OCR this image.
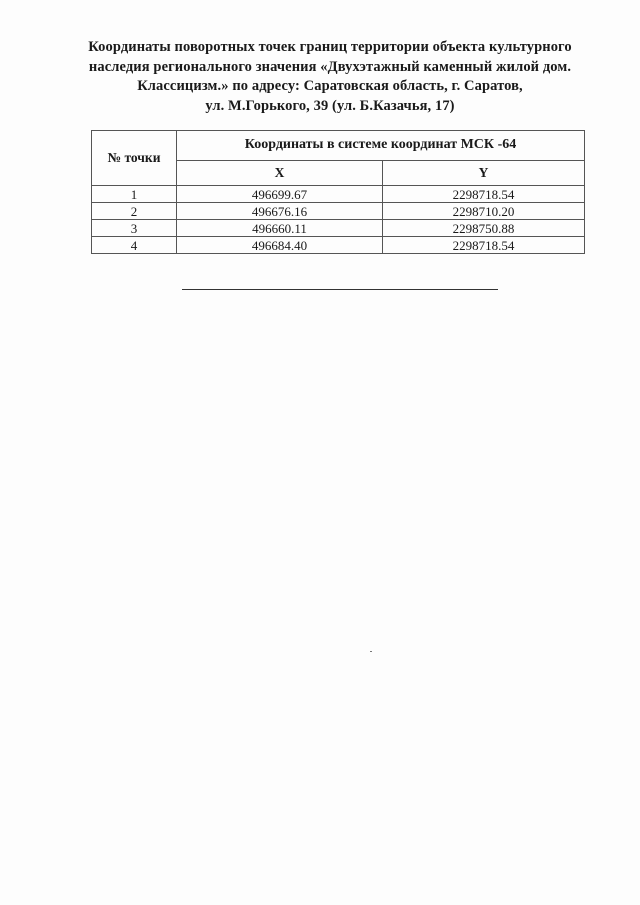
Координаты поворотных точек границ территории объекта культурного
наследия регионального значения «Двухэтажный каменный жилой дом.
Классицизм.» по адресу: Саратовская область, г. Саратов,
ул. М.Горького, 39 (ул. Б.Казачья, 17)
№ точки	Координаты в системе координат МСК -64	
	X	Y
1	496699.67	2298718.54
2	496676.16	2298710.20
3	496660.11	2298750.88
4	496684.40	2298718.54
